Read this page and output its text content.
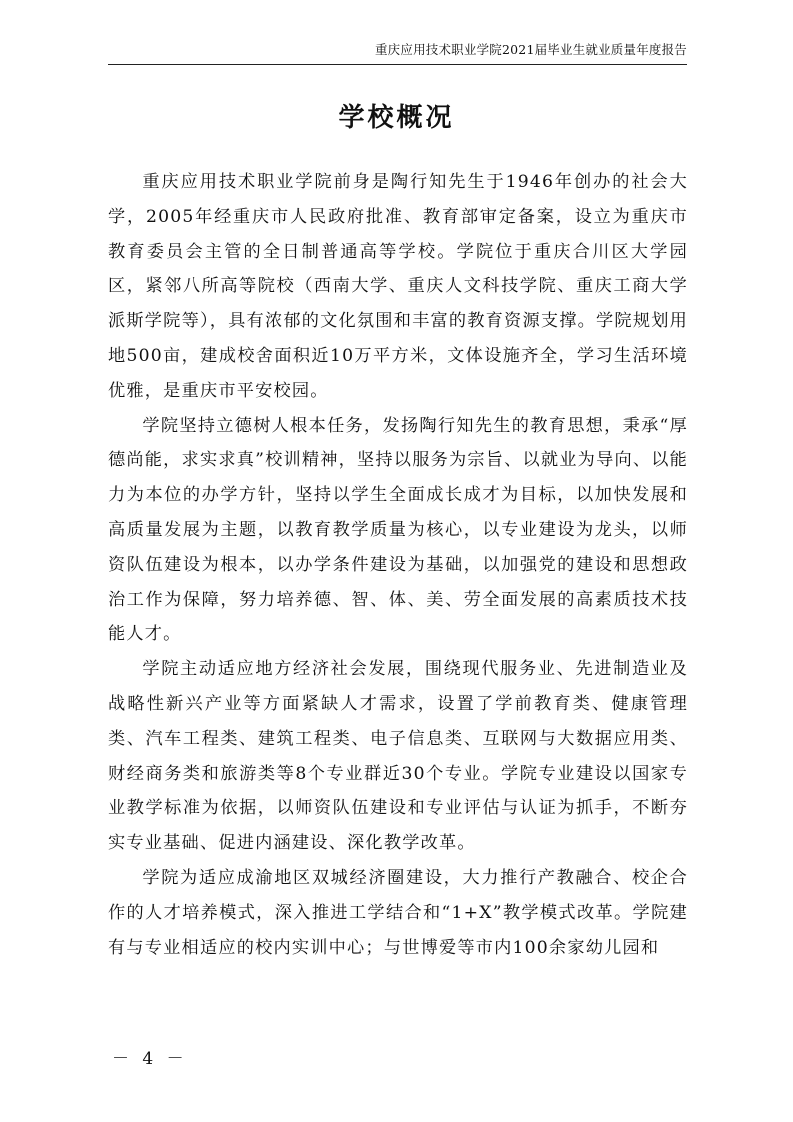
重庆应用技术职业学院2021届毕业生就业质量年度报告
学校概况

重庆应用技术职业学院前身是陶行知先生于1946年创办的社会大学，2005年经重庆市人民政府批准、教育部审定备案，设立为重庆市教育委员会主管的全日制普通高等学校。学院位于重庆合川区大学园区，紧邻八所高等院校（西南大学、重庆人文科技学院、重庆工商大学派斯学院等），具有浓郁的文化氛围和丰富的教育资源支撑。学院规划用地500亩，建成校舍面积近10万平方米，文体设施齐全，学习生活环境优雅，是重庆市平安校园。

学院坚持立德树人根本任务，发扬陶行知先生的教育思想，秉承“厚德尚能，求实求真”校训精神，坚持以服务为宗旨、以就业为导向、以能力为本位的办学方针，坚持以学生全面成长成才为目标，以加快发展和高质量发展为主题，以教育教学质量为核心，以专业建设为龙头，以师资队伍建设为根本，以办学条件建设为基础，以加强党的建设和思想政治工作为保障，努力培养德、智、体、美、劳全面发展的高素质技术技能人才。

学院主动适应地方经济社会发展，围绕现代服务业、先进制造业及战略性新兴产业等方面紧缺人才需求，设置了学前教育类、健康管理类、汽车工程类、建筑工程类、电子信息类、互联网与大数据应用类、财经商务类和旅游类等8个专业群近30个专业。学院专业建设以国家专业教学标准为依据，以师资队伍建设和专业评估与认证为抓手，不断夯实专业基础、促进内涵建设、深化教学改革。

学院为适应成渝地区双城经济圈建设，大力推行产教融合、校企合作的人才培养模式，深入推进工学结合和“1+X”教学模式改革。学院建有与专业相适应的校内实训中心；与世博爱等市内100余家幼儿园和

－ 4 －
